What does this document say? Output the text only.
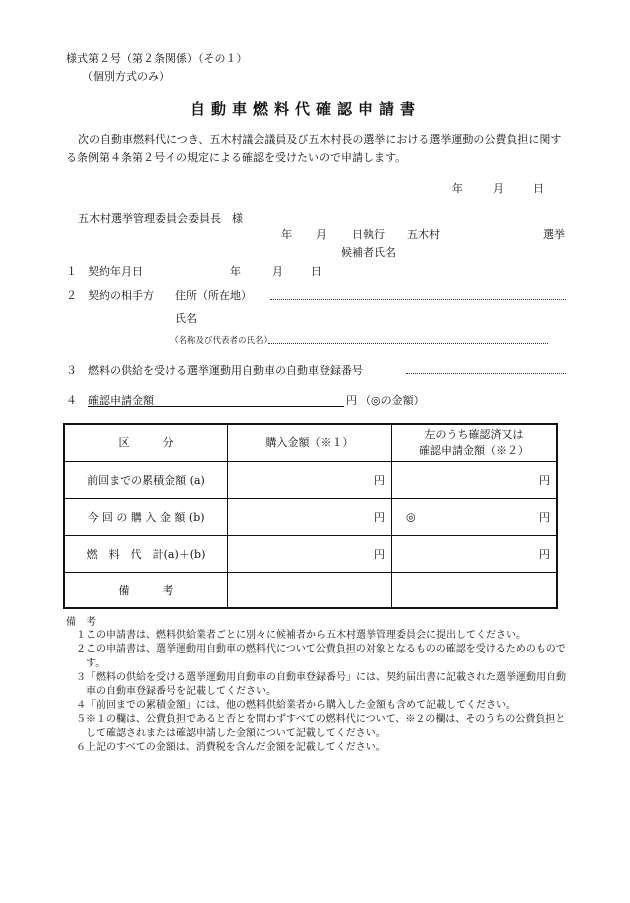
様式第２号（第２条関係）（その１）
（個別方式のみ）
自動車燃料代確認申請書
次の自動車燃料代につき、五木村議会議員及び五木村長の選挙における選挙運動の公費負担に関する条例第４条第２号イの規定による確認を受けたいので申請します。
年	月	日
五木村選挙管理委員会委員長　様
年 月 日執行 五木村	選挙
候補者氏名
１ 契約年月日	年	月	日
２ 契約の相手方 住所（所在地）
氏名
（名称及び代表者の氏名）
３ 燃料の供給を受ける選挙運動用自動車の自動車登録番号
４ 確認申請金額	円 （◎の金額）
区　　　分	購入金額（※１）	左のうち確認済又は
確認申請金額（※２）

前回までの累積金額 (a)	円	円

今 回 の 購 入 金 額 (b)	円	◎ 円

燃　料　代　計(a)＋(b)	円	円

備　　　考		
備　考
１ この申請書は、燃料供給業者ごとに別々に候補者から五木村選挙管理委員会に提出してください。
２ この申請書は、選挙運動用自動車の燃料代について公費負担の対象となるものの確認を受けるためのものです。
３ 「燃料の供給を受ける選挙運動用自動車の自動車登録番号」には、契約届出書に記載された選挙運動用自動車の自動車登録番号を記載してください。
４ 「前回までの累積金額」には、他の燃料供給業者から購入した金額も含めて記載してください。
５ ※１の欄は、公費負担であると否とを問わずすべての燃料代について、※２の欄は、そのうちの公費負担として確認されまたは確認申請した金額について記載してください。
６ 上記のすべての金額は、消費税を含んだ金額を記載してください。
